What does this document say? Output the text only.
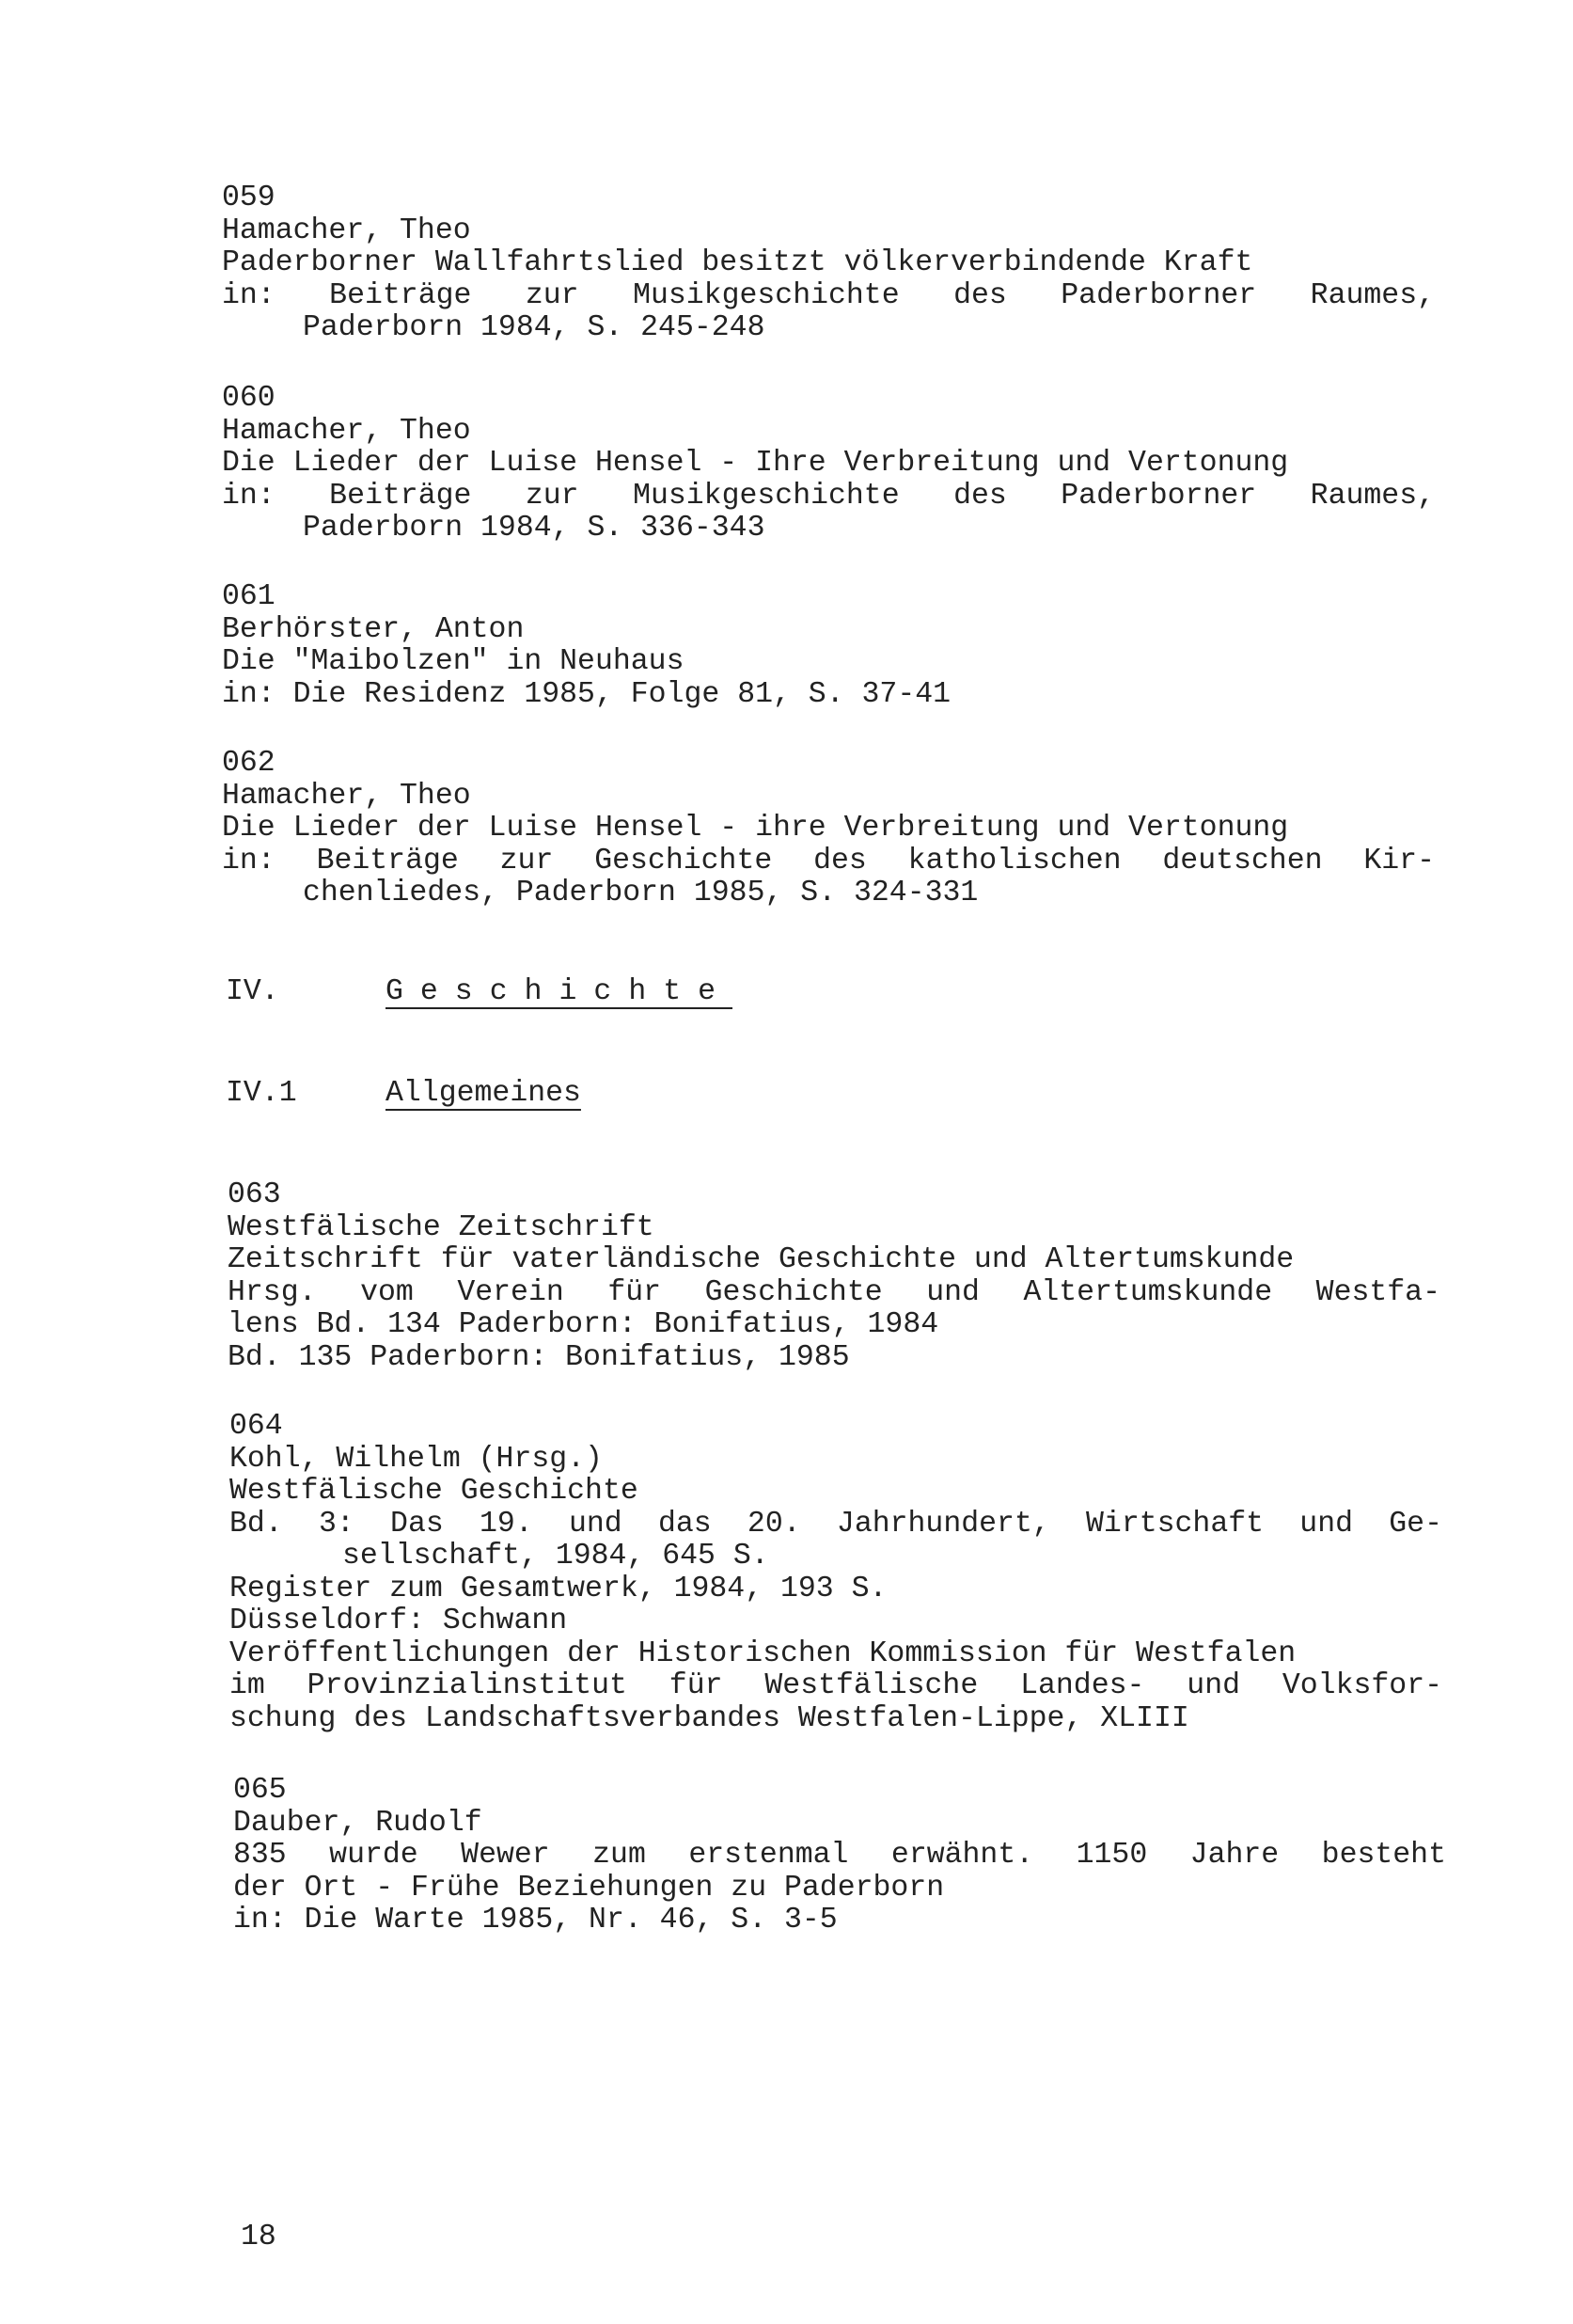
059
Hamacher, Theo
Paderborner Wallfahrtslied besitzt völkerverbindende Kraft
in: Beiträge zur Musikgeschichte des Paderborner Raumes,
Paderborn 1984, S. 245-248
060
Hamacher, Theo
Die Lieder der Luise Hensel - Ihre Verbreitung und Vertonung
in: Beiträge zur Musikgeschichte des Paderborner Raumes,
Paderborn 1984, S. 336-343
061
Berhörster, Anton
Die "Maibolzen" in Neuhaus
in: Die Residenz 1985, Folge 81, S. 37-41
062
Hamacher, Theo
Die Lieder der Luise Hensel - ihre Verbreitung und Vertonung
in: Beiträge zur Geschichte des katholischen deutschen Kir-
chenliedes, Paderborn 1985, S. 324-331
IV.	Geschichte
IV.1	Allgemeines
063
Westfälische Zeitschrift
Zeitschrift für vaterländische Geschichte und Altertumskunde
Hrsg. vom Verein für Geschichte und Altertumskunde Westfa-
lens Bd. 134 Paderborn: Bonifatius, 1984
Bd. 135 Paderborn: Bonifatius, 1985
064
Kohl, Wilhelm (Hrsg.)
Westfälische Geschichte
Bd. 3: Das 19. und das 20. Jahrhundert, Wirtschaft und Ge-
sellschaft, 1984, 645 S.
Register zum Gesamtwerk, 1984, 193 S.
Düsseldorf: Schwann
Veröffentlichungen der Historischen Kommission für Westfalen
im Provinzialinstitut für Westfälische Landes- und Volksfor-
schung des Landschaftsverbandes Westfalen-Lippe, XLIII
065
Dauber, Rudolf
835 wurde Wewer zum erstenmal erwähnt. 1150 Jahre besteht
der Ort - Frühe Beziehungen zu Paderborn
in: Die Warte 1985, Nr. 46, S. 3-5
18
